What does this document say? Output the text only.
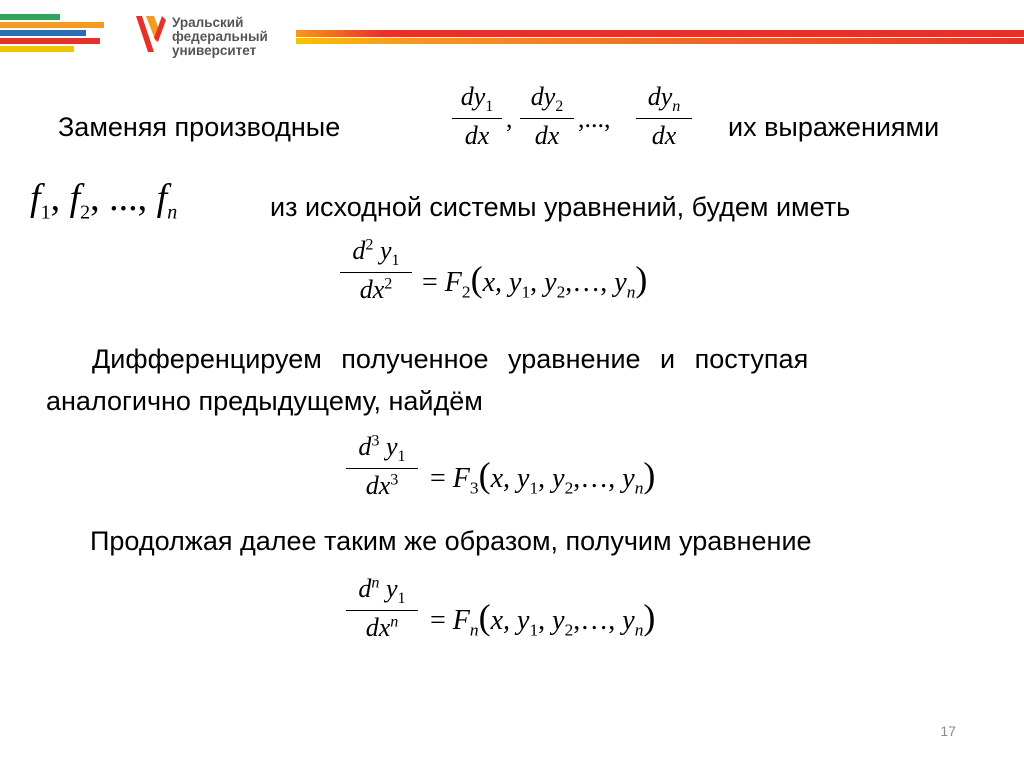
Уральский
федеральный
университет
Заменяя производные
$dy_1$
dx
,
$dy_2$
dx
,...,
$dy_n$
dx	их выражениями
$f_1$, $f_2$, ..., $f_n$	из исходной системы уравнений, будем иметь
$d^2$ $y_1$
$dx^2$	= $F_2(x$, $y_1$, $y_2,\dots$, $y_n$)
Дифференцируем полученное уравнение и поступая
аналогично предыдущему, найдём
$d^3$ $y_1$
$dx^3$	= $F_3(x$, $y_1$, $y_2,\dots$, $y_n$)
Продолжая далее таким же образом, получим уравнение
$d^n$ $y_1$
$dx^n$	= $F_n(x$, $y_1$, $y_2,\dots$, $y_n$)
17
